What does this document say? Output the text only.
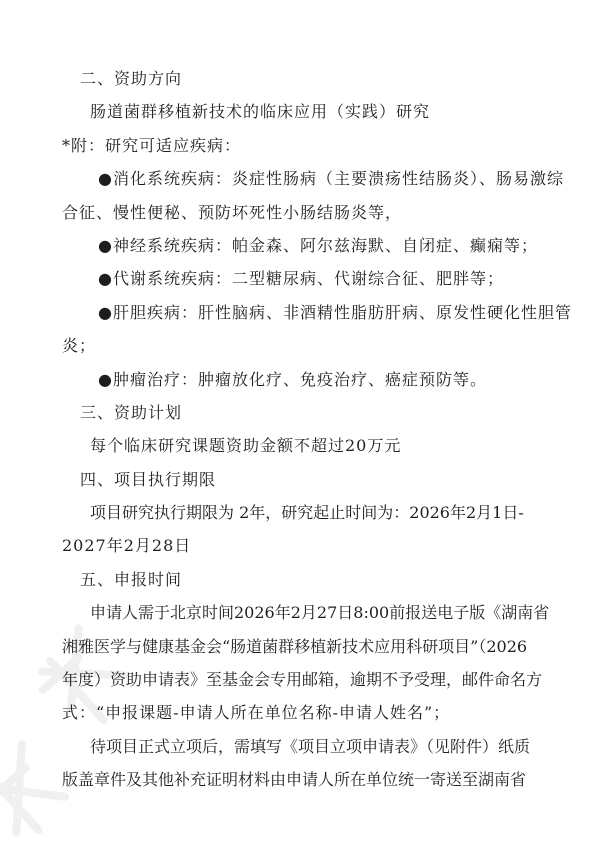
二、资助方向
肠道菌群移植新技术的临床应用（实践）研究
*附：研究可适应疾病：
●消化系统疾病：炎症性肠病（主要溃疡性结肠炎）、肠易激综
合征、慢性便秘、预防坏死性小肠结肠炎等，
●神经系统疾病：帕金森、阿尔兹海默、自闭症、癫痫等；
●代谢系统疾病：二型糖尿病、代谢综合征、肥胖等；
●肝胆疾病：肝性脑病、非酒精性脂肪肝病、原发性硬化性胆管
炎；
●肿瘤治疗：肿瘤放化疗、免疫治疗、癌症预防等。
三、资助计划
每个临床研究课题资助金额不超过20万元
四、项目执行期限
项目研究执行期限为 2年，研究起止时间为：2026年2月1日-
2027年2月28日
五、申报时间
申请人需于北京时间2026年2月27日8:00前报送电子版《湖南省
湘雅医学与健康基金会“肠道菌群移植新技术应用科研项目”（2026
年度）资助申请表》至基金会专用邮箱，逾期不予受理，邮件命名方
式：“申报课题-申请人所在单位名称-申请人姓名”；
待项目正式立项后，需填写《项目立项申请表》（见附件）纸质
版盖章件及其他补充证明材料由申请人所在单位统一寄送至湖南省
